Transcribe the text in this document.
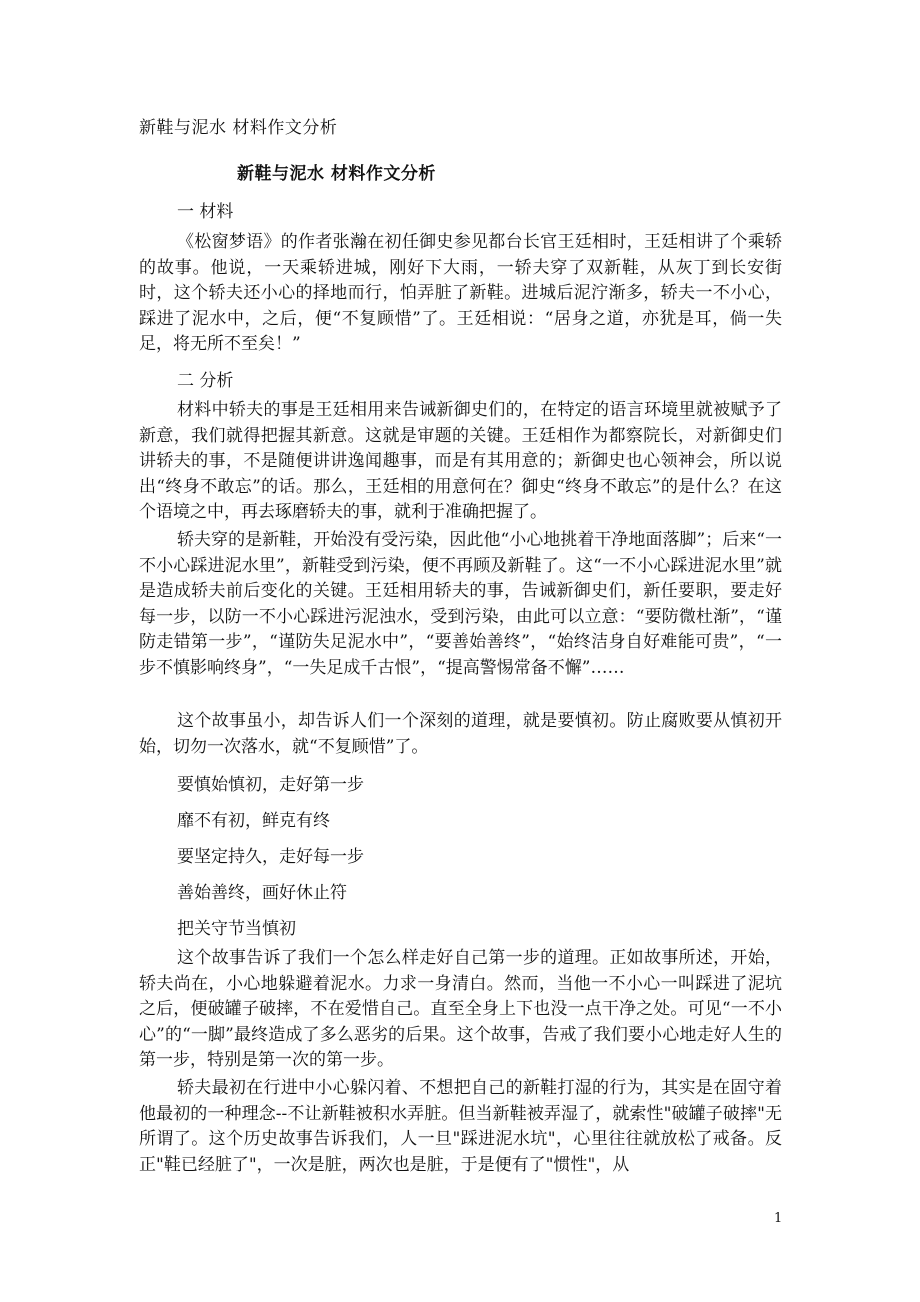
新鞋与泥水 材料作文分析
新鞋与泥水 材料作文分析
一 材料
《松窗梦语》的作者张瀚在初任御史参见都台长官王廷相时，王廷相讲了个乘轿的故事。他说，一天乘轿进城，刚好下大雨，一轿夫穿了双新鞋，从灰丁到长安街时，这个轿夫还小心的择地而行，怕弄脏了新鞋。进城后泥泞渐多，轿夫一不小心，踩进了泥水中，之后，便“不复顾惜”了。王廷相说：“居身之道，亦犹是耳，倘一失足，将无所不至矣！”
二 分析
材料中轿夫的事是王廷相用来告诫新御史们的，在特定的语言环境里就被赋予了新意，我们就得把握其新意。这就是审题的关键。王廷相作为都察院长，对新御史们讲轿夫的事，不是随便讲讲逸闻趣事，而是有其用意的；新御史也心领神会，所以说出“终身不敢忘”的话。那么，王廷相的用意何在？御史“终身不敢忘”的是什么？在这个语境之中，再去琢磨轿夫的事，就利于准确把握了。
轿夫穿的是新鞋，开始没有受污染，因此他“小心地挑着干净地面落脚”；后来“一不小心踩进泥水里”，新鞋受到污染，便不再顾及新鞋了。这“一不小心踩进泥水里”就是造成轿夫前后变化的关键。王廷相用轿夫的事，告诫新御史们，新任要职，要走好每一步，以防一不小心踩进污泥浊水，受到污染，由此可以立意：“要防微杜渐”，“谨防走错第一步”，“谨防失足泥水中”，“要善始善终”，“始终洁身自好难能可贵”，“一步不慎影响终身”，“一失足成千古恨”，“提高警惕常备不懈”……
这个故事虽小，却告诉人们一个深刻的道理，就是要慎初。防止腐败要从慎初开始，切勿一次落水，就“不复顾惜”了。
要慎始慎初，走好第一步
靡不有初，鲜克有终
要坚定持久，走好每一步
善始善终，画好休止符
把关守节当慎初
这个故事告诉了我们一个怎么样走好自己第一步的道理。正如故事所述，开始，轿夫尚在，小心地躲避着泥水。力求一身清白。然而，当他一不小心一叫踩进了泥坑之后，便破罐子破摔，不在爱惜自己。直至全身上下也没一点干净之处。可见“一不小心”的“一脚”最终造成了多么恶劣的后果。这个故事，告戒了我们要小心地走好人生的第一步，特别是第一次的第一步。
轿夫最初在行进中小心躲闪着、不想把自己的新鞋打湿的行为，其实是在固守着他最初的一种理念--不让新鞋被积水弄脏。但当新鞋被弄湿了，就索性"破罐子破摔"无所谓了。这个历史故事告诉我们，人一旦"踩进泥水坑"，心里往往就放松了戒备。反正"鞋已经脏了"，一次是脏，两次也是脏，于是便有了"惯性"，从
1
